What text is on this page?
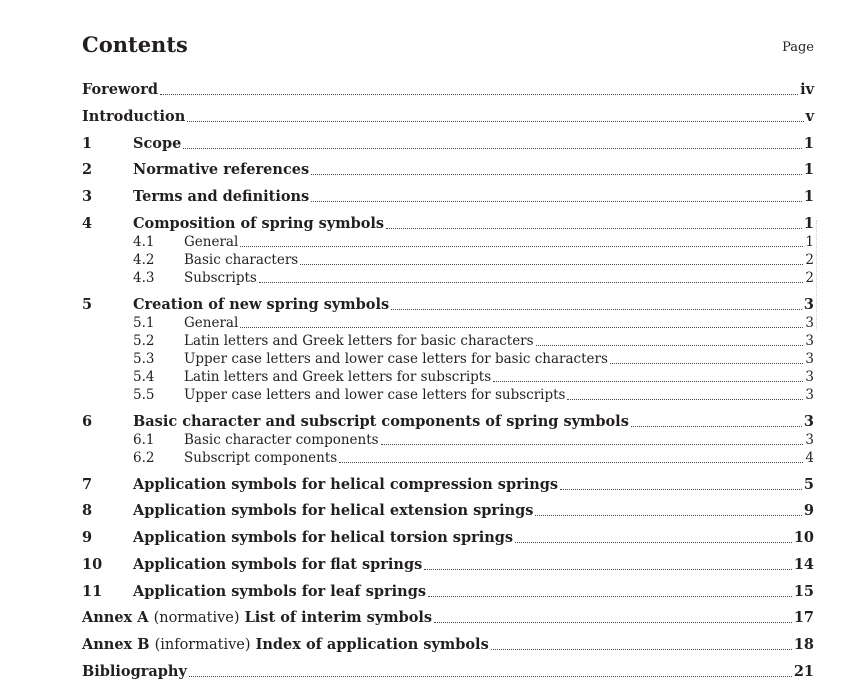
Contents	Page
Foreword	iv
Introduction	v
1	Scope	1
2	Normative references	1
3	Terms and definitions	1
4	Composition of spring symbols	1
4.1	General	1
4.2	Basic characters	2
4.3	Subscripts	2
5	Creation of new spring symbols	3
5.1	General	3
5.2	Latin letters and Greek letters for basic characters	3
5.3	Upper case letters and lower case letters for basic characters	3
5.4	Latin letters and Greek letters for subscripts	3
5.5	Upper case letters and lower case letters for subscripts	3
6	Basic character and subscript components of spring symbols	3
6.1	Basic character components	3
6.2	Subscript components	4
7	Application symbols for helical compression springs	5
8	Application symbols for helical extension springs	9
9	Application symbols for helical torsion springs	10
10	Application symbols for flat springs	14
11	Application symbols for leaf springs	15
Annex A (normative) List of interim symbols	17
Annex B (informative) Index of application symbols	18
Bibliography	21
